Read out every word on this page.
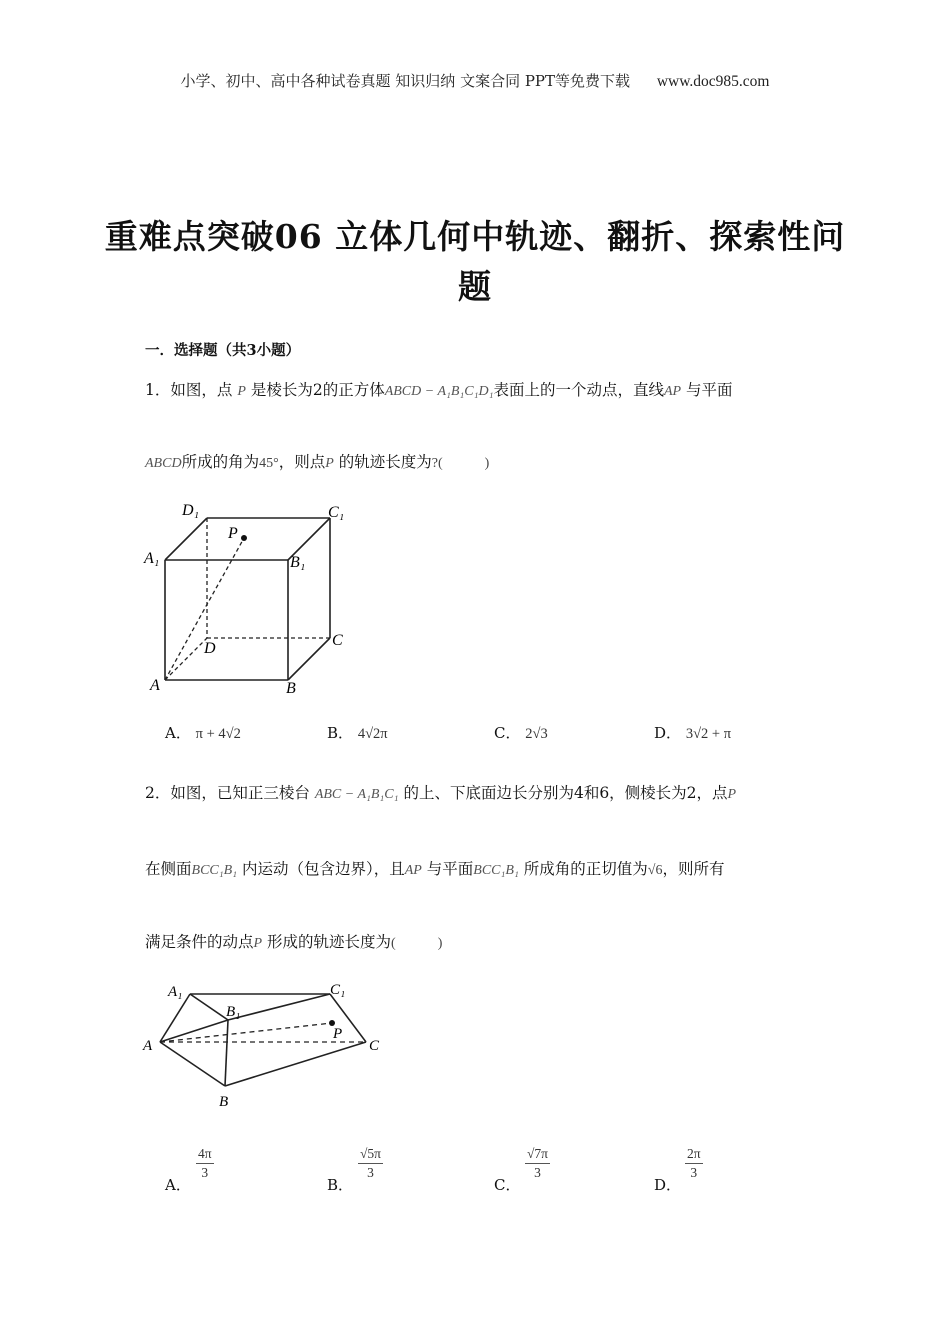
小学、初中、高中各种试卷真题 知识归纳 文案合同 PPT等免费下载 www.doc985.com
重难点突破06 立体几何中轨迹、翻折、探索性问题
一．选择题（共3小题）
1．如图，点 P 是棱长为2的正方体ABCD − A₁B₁C₁D₁表面上的一个动点，直线AP 与平面
ABCD所成的角为45°，则点P 的轨迹长度为?(　　　)
D₁	C₁
A₁	B₁
P
D	C
A	B
A． π + 4√2	B． 4√2π	C． 2√3	D． 3√2 + π
2．如图，已知正三棱台 ABC − A₁B₁C₁ 的上、下底面边长分别为4和6，侧棱长为2，点P
在侧面BCC₁B₁ 内运动（包含边界），且AP 与平面BCC₁B₁ 所成角的正切值为√6，则所有
满足条件的动点P 形成的轨迹长度为(　　　)
A₁	C₁
B₁
P
A	C
B
A．
$\frac{4\pi}{3}$
B．
$\frac{√5\pi}{3}$
C．
$\frac{√7\pi}{3}$
D．
$\frac{2\pi}{3}$
